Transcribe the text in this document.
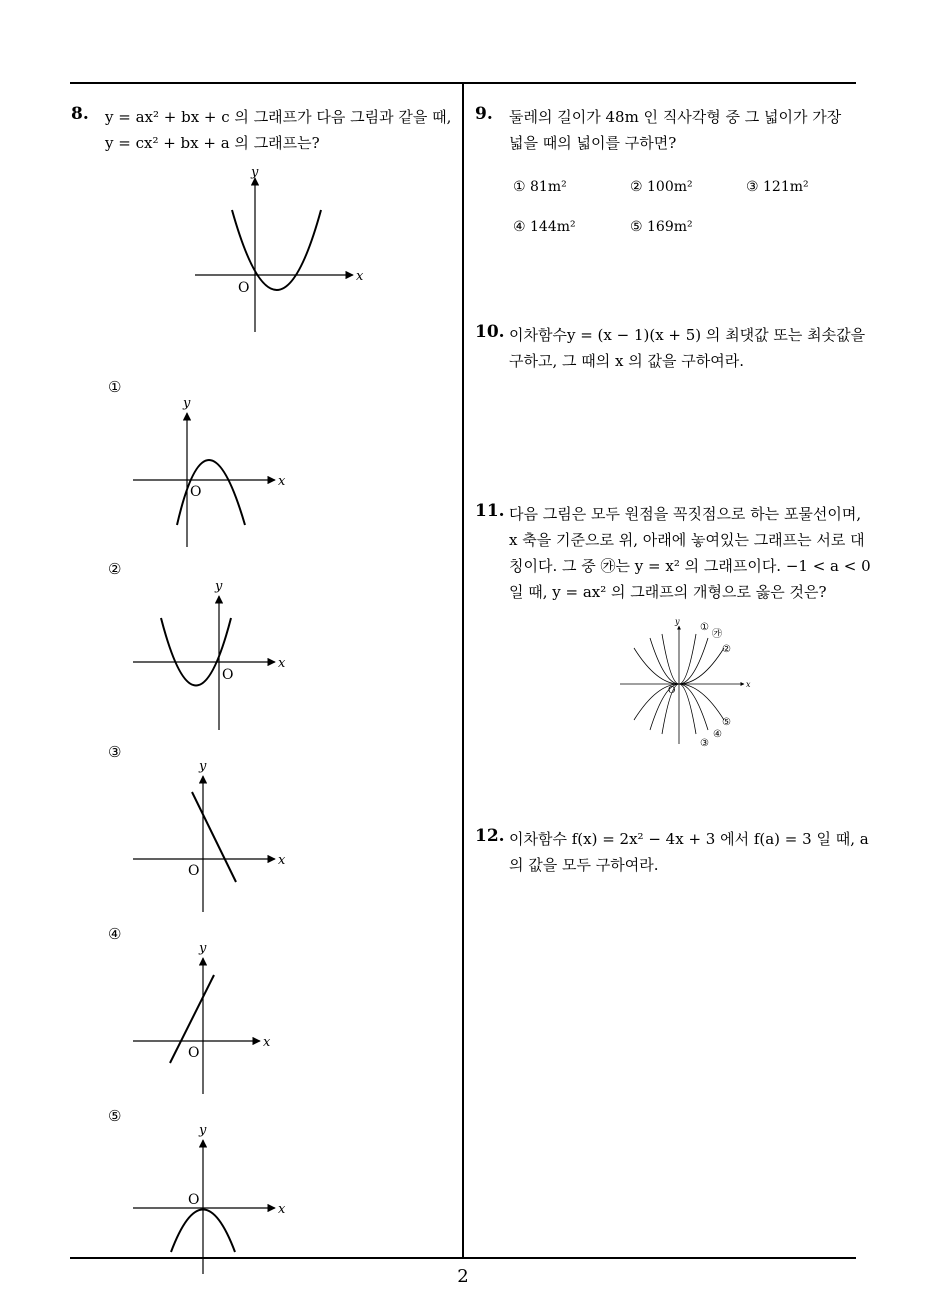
8. y = ax² + bx + c 의 그래프가 다음 그림과 같을 때,
y = cx² + bx + a 의 그래프는?
y
x
O
①
y
x
O
②
y
x
O
③
y
x
O
④
y
x
O
⑤
y
x
O
9. 둘레의 길이가 48m 인 직사각형 중 그 넓이가 가장
넓을 때의 넓이를 구하면?
① 81m²	② 100m²	③ 121m²
④ 144m²	⑤ 169m²
10. 이차함수y = (x − 1)(x + 5) 의 최댓값 또는 최솟값을
구하고, 그 때의 x 의 값을 구하여라.
11. 다음 그림은 모두 원점을 꼭짓점으로 하는 포물선이며,
x 축을 기준으로 위, 아래에 놓여있는 그래프는 서로 대
칭이다. 그 중 ㉮는 y = x² 의 그래프이다. −1 < a < 0
일 때, y = ax² 의 그래프의 개형으로 옳은 것은?
y
x
O
①
㉮
②
⑤
④
③
12. 이차함수 f(x) = 2x² − 4x + 3 에서 f(a) = 3 일 때, a
의 값을 모두 구하여라.
2
